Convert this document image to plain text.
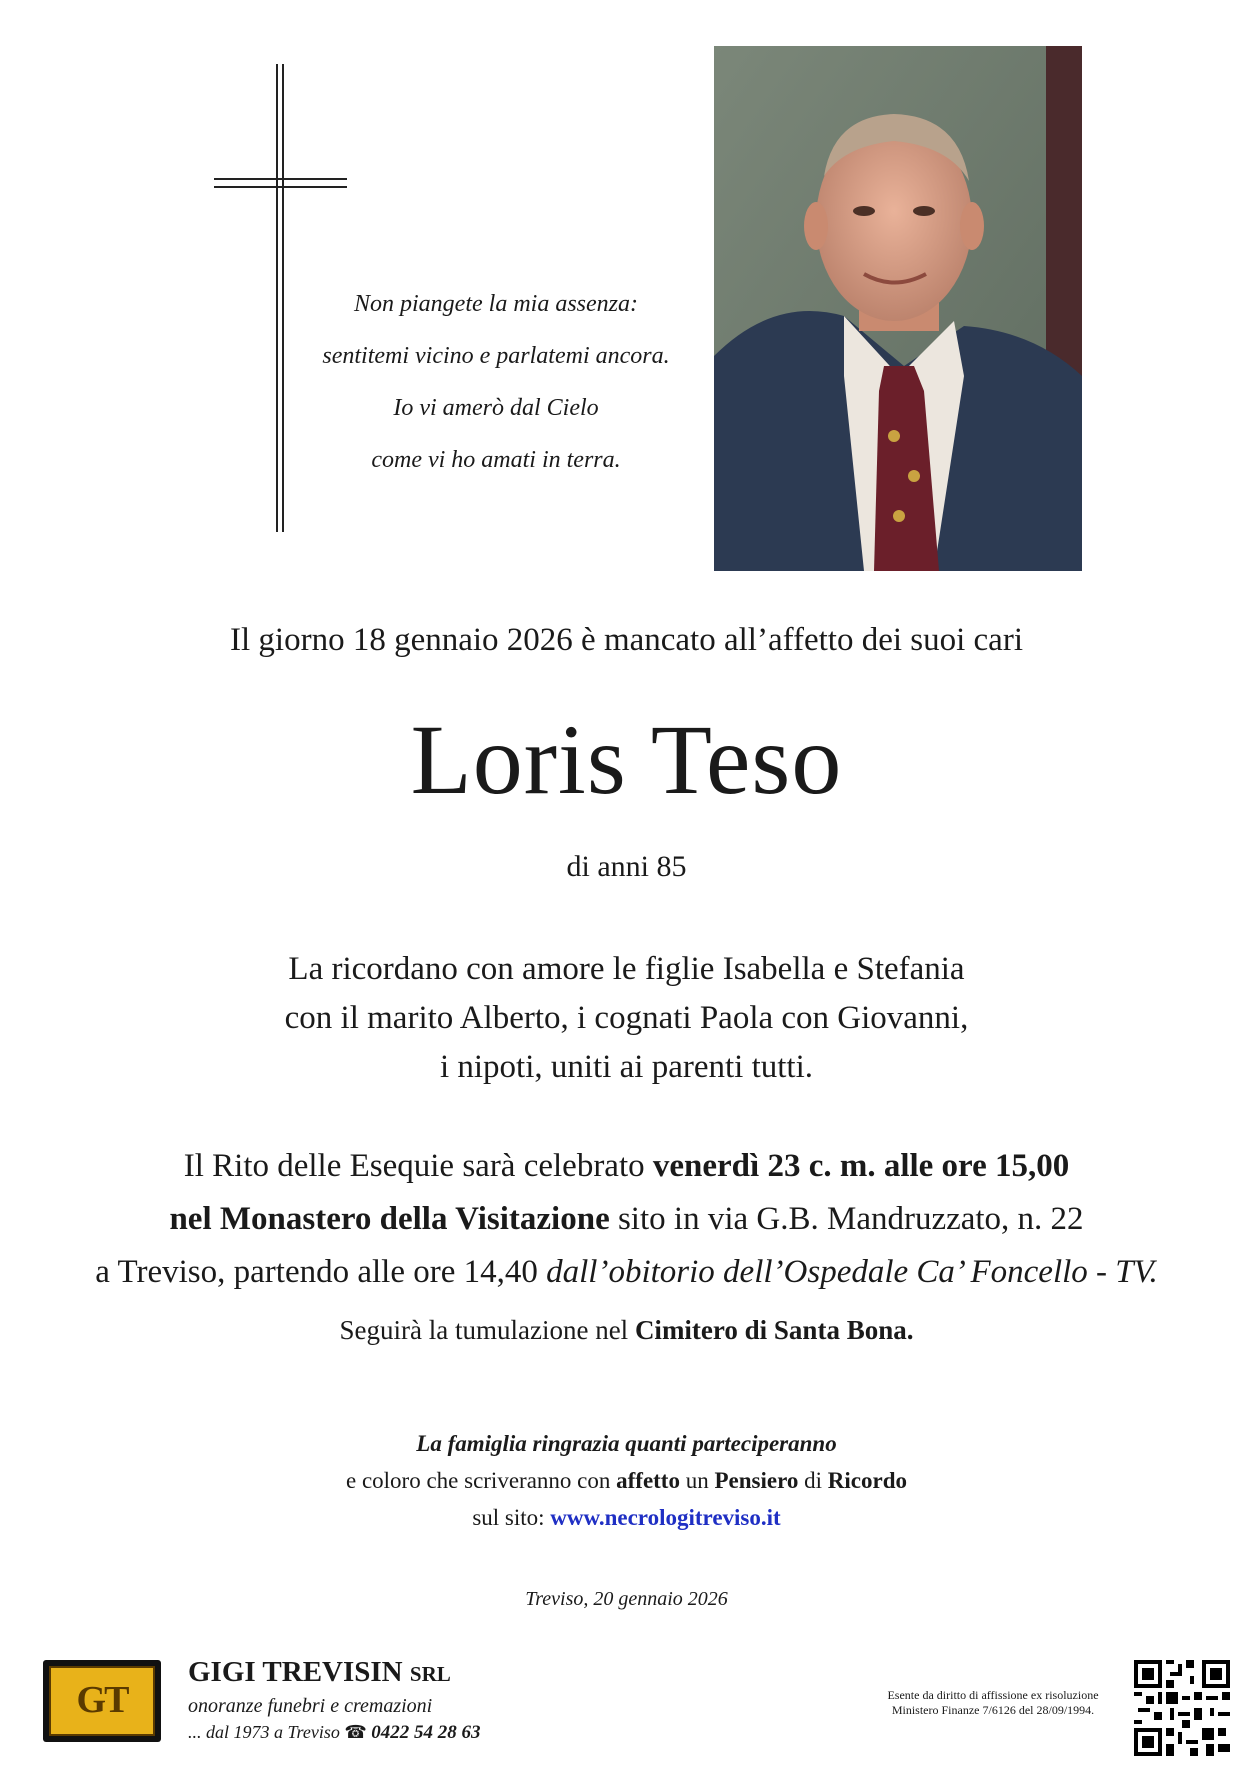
Non piangete la mia assenza:
sentitemi vicino e parlatemi ancora.
Io vi amerò dal Cielo
come vi ho amati in terra.
Il giorno 18 gennaio 2026 è mancato all’affetto dei suoi cari
Loris Teso
di anni 85
La ricordano con amore le figlie Isabella e Stefania
con il marito Alberto, i cognati Paola con Giovanni,
i nipoti, uniti ai parenti tutti.
Il Rito delle Esequie sarà celebrato venerdì 23 c. m. alle ore 15,00
nel Monastero della Visitazione sito in via G.B. Mandruzzato, n. 22
a Treviso, partendo alle ore 14,40 dall’obitorio dell’Ospedale Ca’ Foncello - TV.
Seguirà la tumulazione nel Cimitero di Santa Bona.
La famiglia ringrazia quanti parteciperanno
e coloro che scriveranno con affetto un Pensiero di Ricordo
sul sito: www.necrologitreviso.it
Treviso, 20 gennaio 2026
GT
GIGI TREVISIN SRL
onoranze funebri e cremazioni
... dal 1973 a Treviso ☎ 0422 54 28 63
Esente da diritto di affissione ex risoluzione
Ministero Finanze 7/6126 del 28/09/1994.
